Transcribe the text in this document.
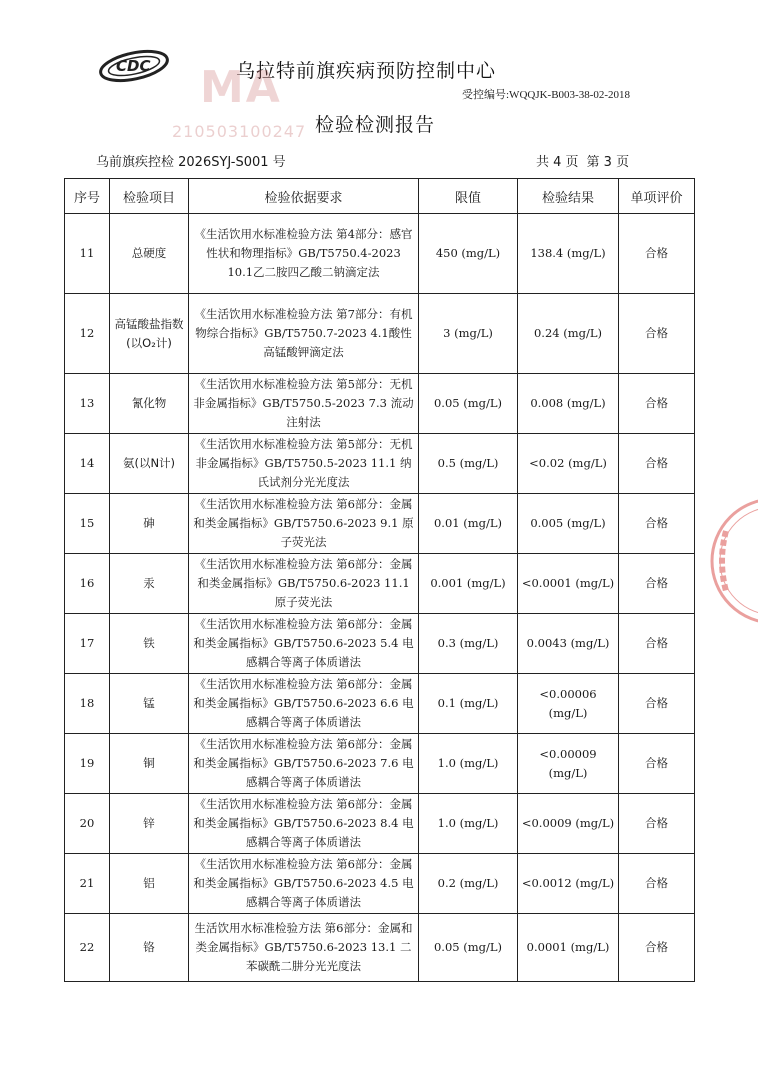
CDC	乌拉特前旗疾病预防控制中心
受控编号:WQQJK-B003-38-02-2018
MA
210503100247 检验检测报告
乌前旗疾控检 2026SYJ-S001 号	共 4 页 第 3 页
序号	检验项目	检验依据要求	限值	检验结果	单项评价
11	总硬度	《生活饮用水标准检验方法 第4部分：感官性状和物理指标》GB/T5750.4-2023 10.1乙二胺四乙酸二钠滴定法	450 (mg/L)	138.4 (mg/L)	合格
12	高锰酸盐指数(以O₂计)	《生活饮用水标准检验方法 第7部分：有机物综合指标》GB/T5750.7-2023 4.1酸性高锰酸钾滴定法	3 (mg/L)	0.24 (mg/L)	合格
13	氰化物	《生活饮用水标准检验方法 第5部分：无机非金属指标》GB/T5750.5-2023 7.3 流动注射法	0.05 (mg/L)	0.008 (mg/L)	合格
14	氨(以N计)	《生活饮用水标准检验方法 第5部分：无机非金属指标》GB/T5750.5-2023 11.1 纳氏试剂分光光度法	0.5 (mg/L)	<0.02 (mg/L)	合格
15	砷	《生活饮用水标准检验方法 第6部分：金属和类金属指标》GB/T5750.6-2023 9.1 原子荧光法	0.01 (mg/L)	0.005 (mg/L)	合格
16	汞	《生活饮用水标准检验方法 第6部分：金属和类金属指标》GB/T5750.6-2023 11.1 原子荧光法	0.001 (mg/L)	<0.0001 (mg/L)	合格
17	铁	《生活饮用水标准检验方法 第6部分：金属和类金属指标》GB/T5750.6-2023 5.4 电感耦合等离子体质谱法	0.3 (mg/L)	0.0043 (mg/L)	合格
18	锰	《生活饮用水标准检验方法 第6部分：金属和类金属指标》GB/T5750.6-2023 6.6 电感耦合等离子体质谱法	0.1 (mg/L)	<0.00006 (mg/L)	合格
19	铜	《生活饮用水标准检验方法 第6部分：金属和类金属指标》GB/T5750.6-2023 7.6 电感耦合等离子体质谱法	1.0 (mg/L)	<0.00009 (mg/L)	合格
20	锌	《生活饮用水标准检验方法 第6部分：金属和类金属指标》GB/T5750.6-2023 8.4 电感耦合等离子体质谱法	1.0 (mg/L)	<0.0009 (mg/L)	合格
21	铝	《生活饮用水标准检验方法 第6部分：金属和类金属指标》GB/T5750.6-2023 4.5 电感耦合等离子体质谱法	0.2 (mg/L)	<0.0012 (mg/L)	合格
22	铬	生活饮用水标准检验方法 第6部分：金属和类金属指标》GB/T5750.6-2023 13.1 二苯碳酰二肼分光光度法	0.05 (mg/L)	0.0001 (mg/L)	合格
